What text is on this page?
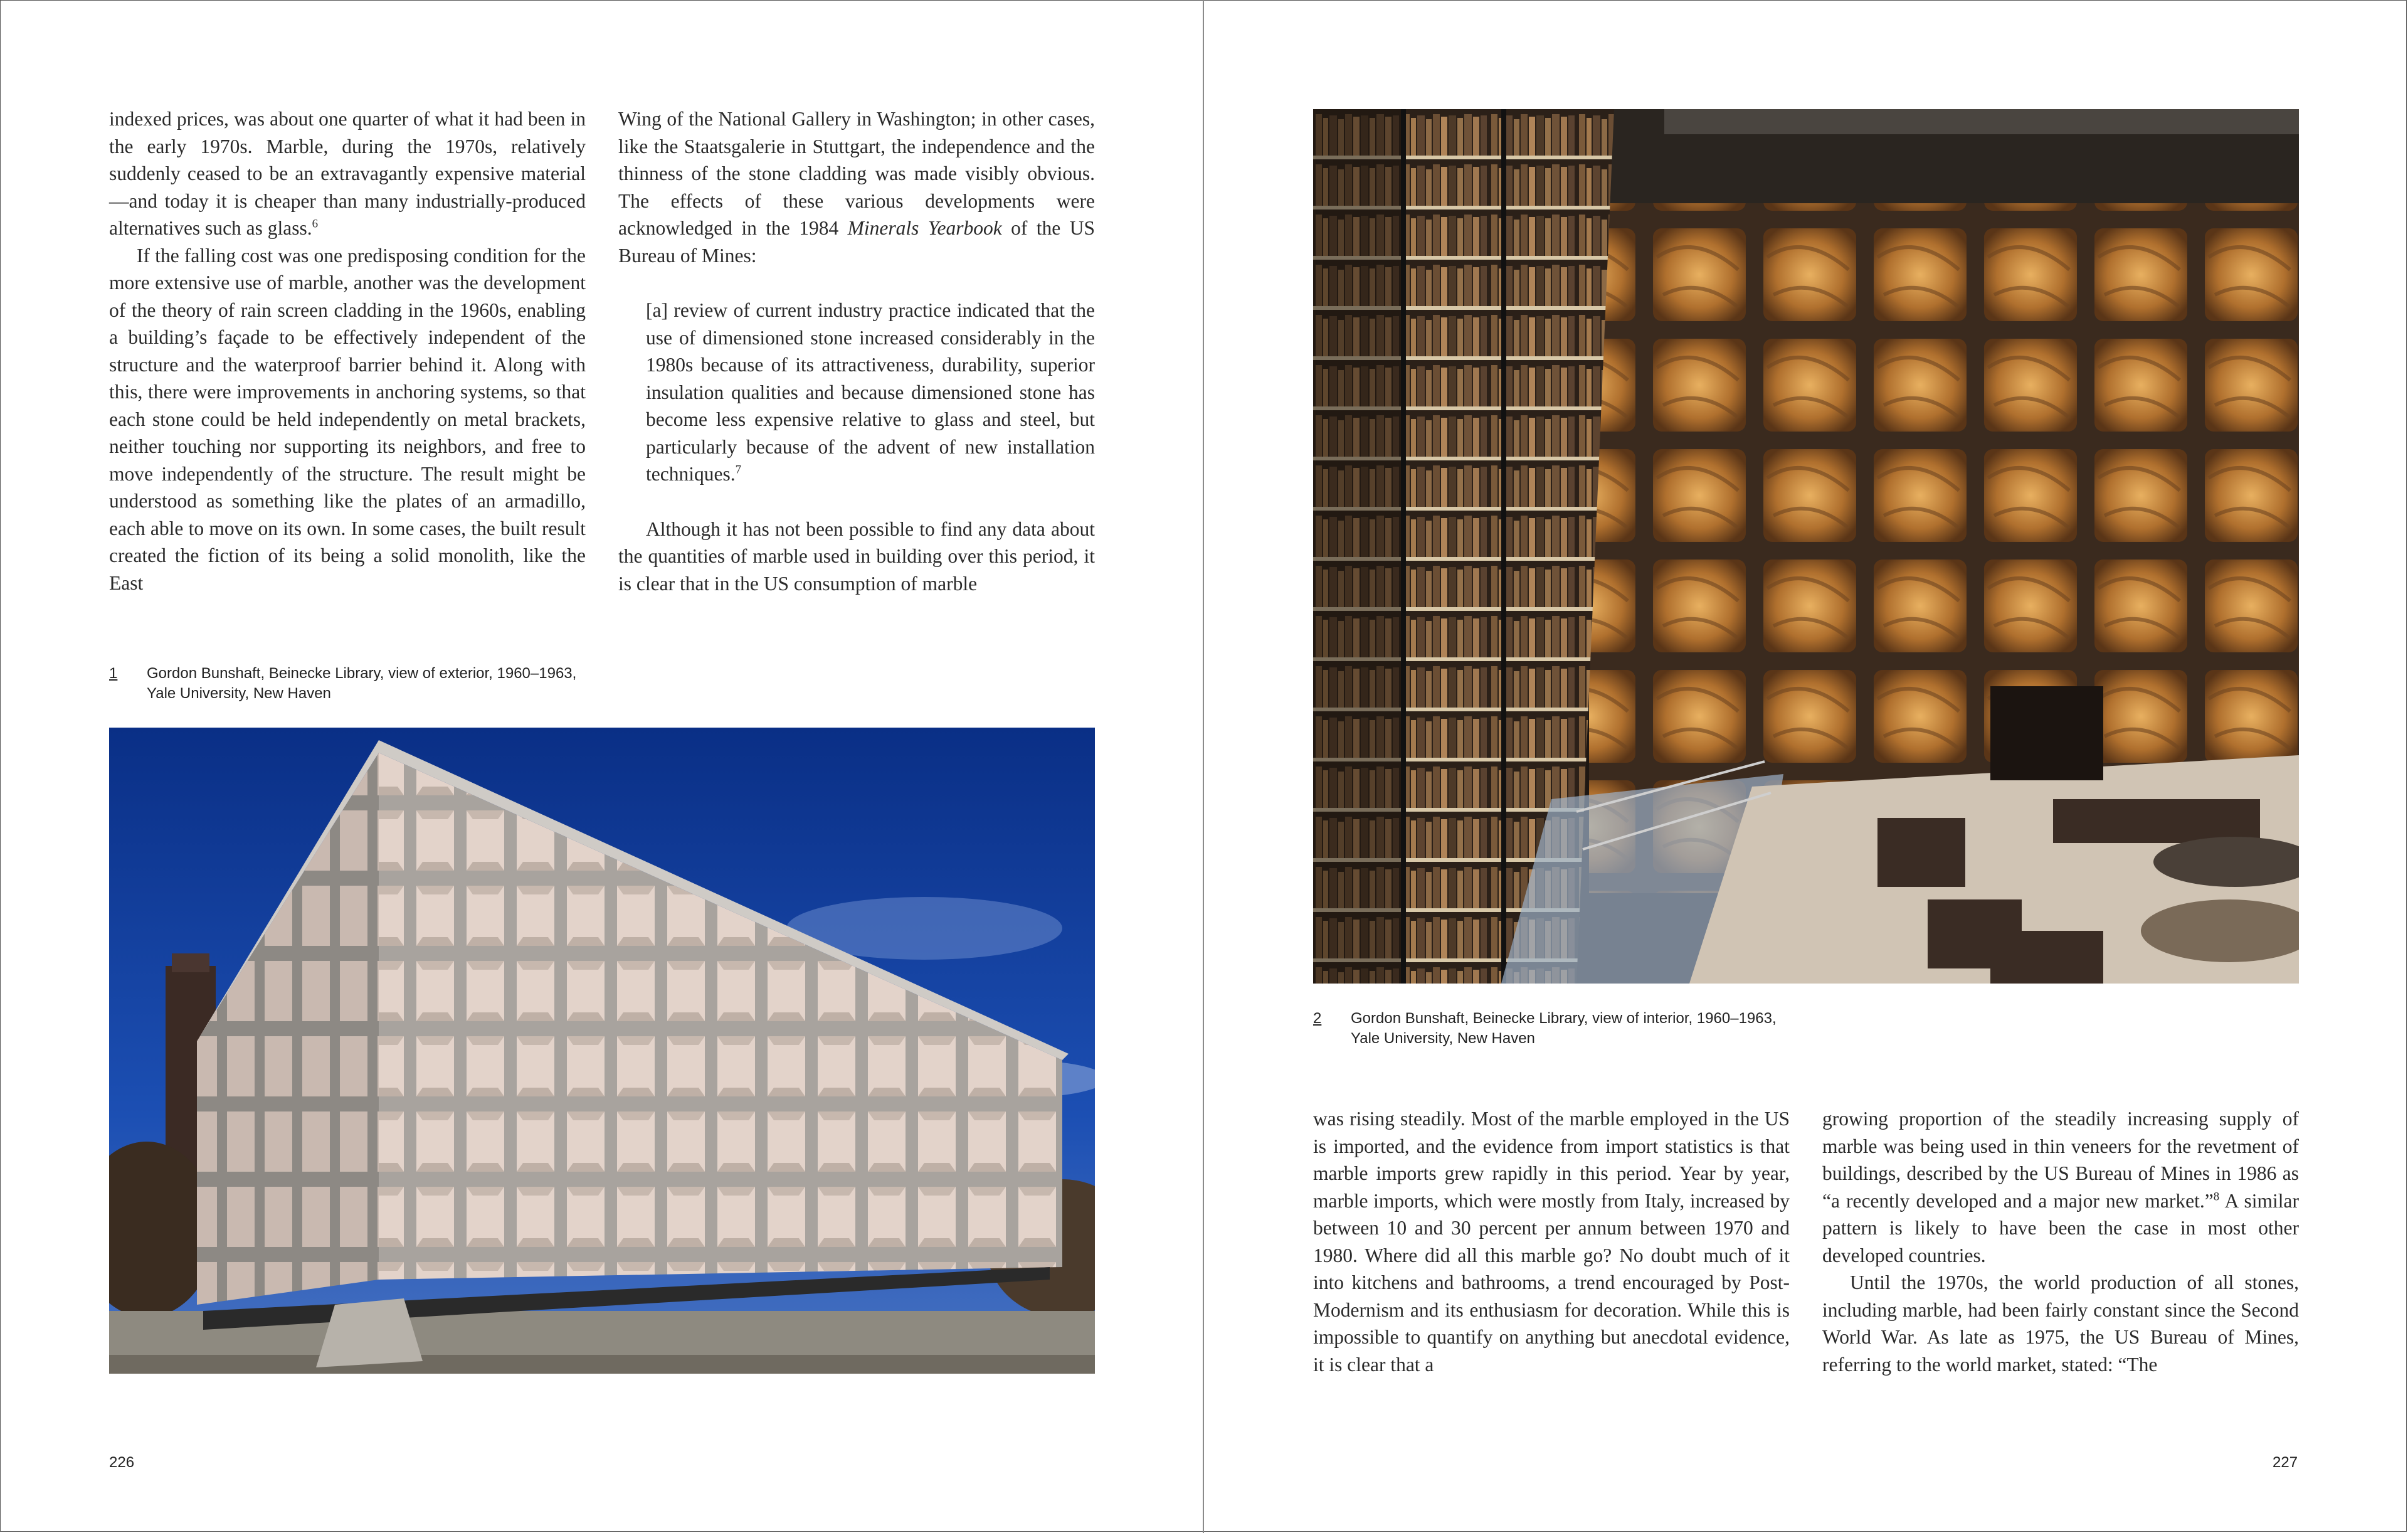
indexed prices, was about one quarter of what it had been in the early 1970s. Marble, during the 1970s, relatively suddenly ceased to be an extravagantly expensive material—and today it is cheaper than many industrially-produced alternatives such as glass.$^6$

If the falling cost was one predisposing condition for the more extensive use of marble, another was the development of the theory of rain screen cladding in the 1960s, enabling a building’s façade to be effectively independent of the structure and the waterproof barrier behind it. Along with this, there were improvements in anchoring systems, so that each stone could be held independently on metal brackets, neither touching nor supporting its neighbors, and free to move independently of the structure. The result might be understood as something like the plates of an armadillo, each able to move on its own. In some cases, the built result created the fiction of its being a solid monolith, like the East

Wing of the National Gallery in Washington; in other cases, like the Staatsgalerie in Stuttgart, the independence and the thinness of the stone cladding was made visibly obvious. The effects of these various developments were acknowledged in the 1984 Minerals Yearbook of the US Bureau of Mines:

[a] review of current industry practice indicated that the use of dimensioned stone increased considerably in the 1980s because of its attractiveness, durability, superior insulation qualities and because dimensioned stone has become less expensive relative to glass and steel, but particularly because of the advent of new installation techniques.$^7$

Although it has not been possible to find any data about the quantities of marble used in building over this period, it is clear that in the US consumption of marble

1 Gordon Bunshaft, Beinecke Library, view of exterior, 1960–1963, Yale University, New Haven
226
2 Gordon Bunshaft, Beinecke Library, view of interior, 1960–1963, Yale University, New Haven

was rising steadily. Most of the marble employed in the US is imported, and the evidence from import statistics is that marble imports grew rapidly in this period. Year by year, marble imports, which were mostly from Italy, increased by between 10 and 30 percent per annum between 1970 and 1980. Where did all this marble go? No doubt much of it into kitchens and bathrooms, a trend encouraged by Post-Modernism and its enthusiasm for decoration. While this is impossible to quantify on anything but anecdotal evidence, it is clear that a

growing proportion of the steadily increasing supply of marble was being used in thin veneers for the revetment of buildings, described by the US Bureau of Mines in 1986 as “a recently developed and a major new market.”$^8$ A similar pattern is likely to have been the case in most other developed countries.

Until the 1970s, the world production of all stones, including marble, had been fairly constant since the Second World War. As late as 1975, the US Bureau of Mines, referring to the world market, stated: “The

227
